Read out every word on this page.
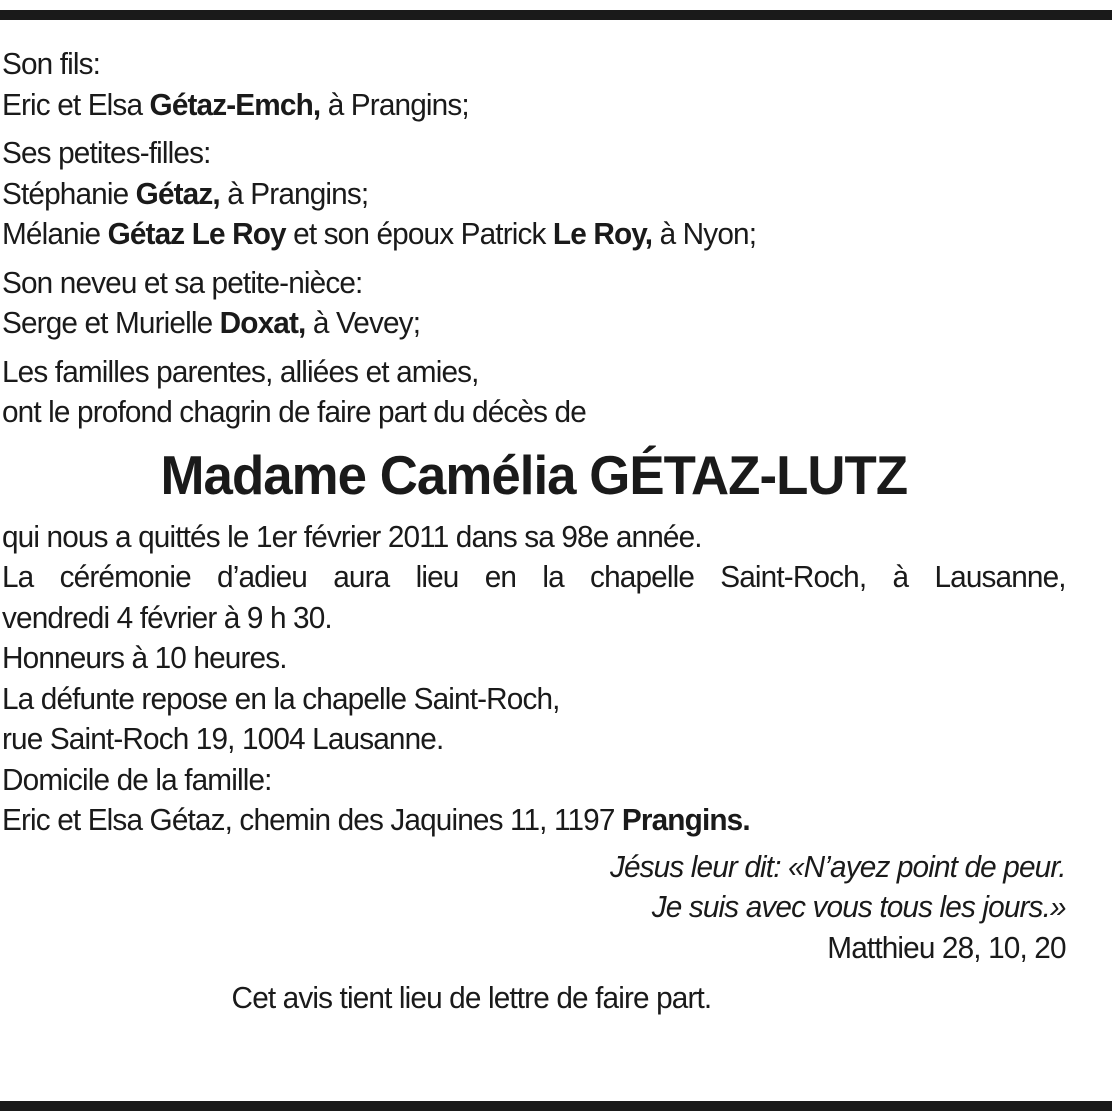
Son fils:
Eric et Elsa Gétaz-Emch, à Prangins;
Ses petites-filles:
Stéphanie Gétaz, à Prangins;
Mélanie Gétaz Le Roy et son époux Patrick Le Roy, à Nyon;
Son neveu et sa petite-nièce:
Serge et Murielle Doxat, à Vevey;
Les familles parentes, alliées et amies,
ont le profond chagrin de faire part du décès de
Madame Camélia GÉTAZ-LUTZ
qui nous a quittés le 1er février 2011 dans sa 98e année.
La cérémonie d’adieu aura lieu en la chapelle Saint-Roch, à Lausanne,
vendredi 4 février à 9 h 30.
Honneurs à 10 heures.
La défunte repose en la chapelle Saint-Roch,
rue Saint-Roch 19, 1004 Lausanne.
Domicile de la famille:
Eric et Elsa Gétaz, chemin des Jaquines 11, 1197 Prangins.
Jésus leur dit: «N’ayez point de peur.
Je suis avec vous tous les jours.»
Matthieu 28, 10, 20
Cet avis tient lieu de lettre de faire part.
